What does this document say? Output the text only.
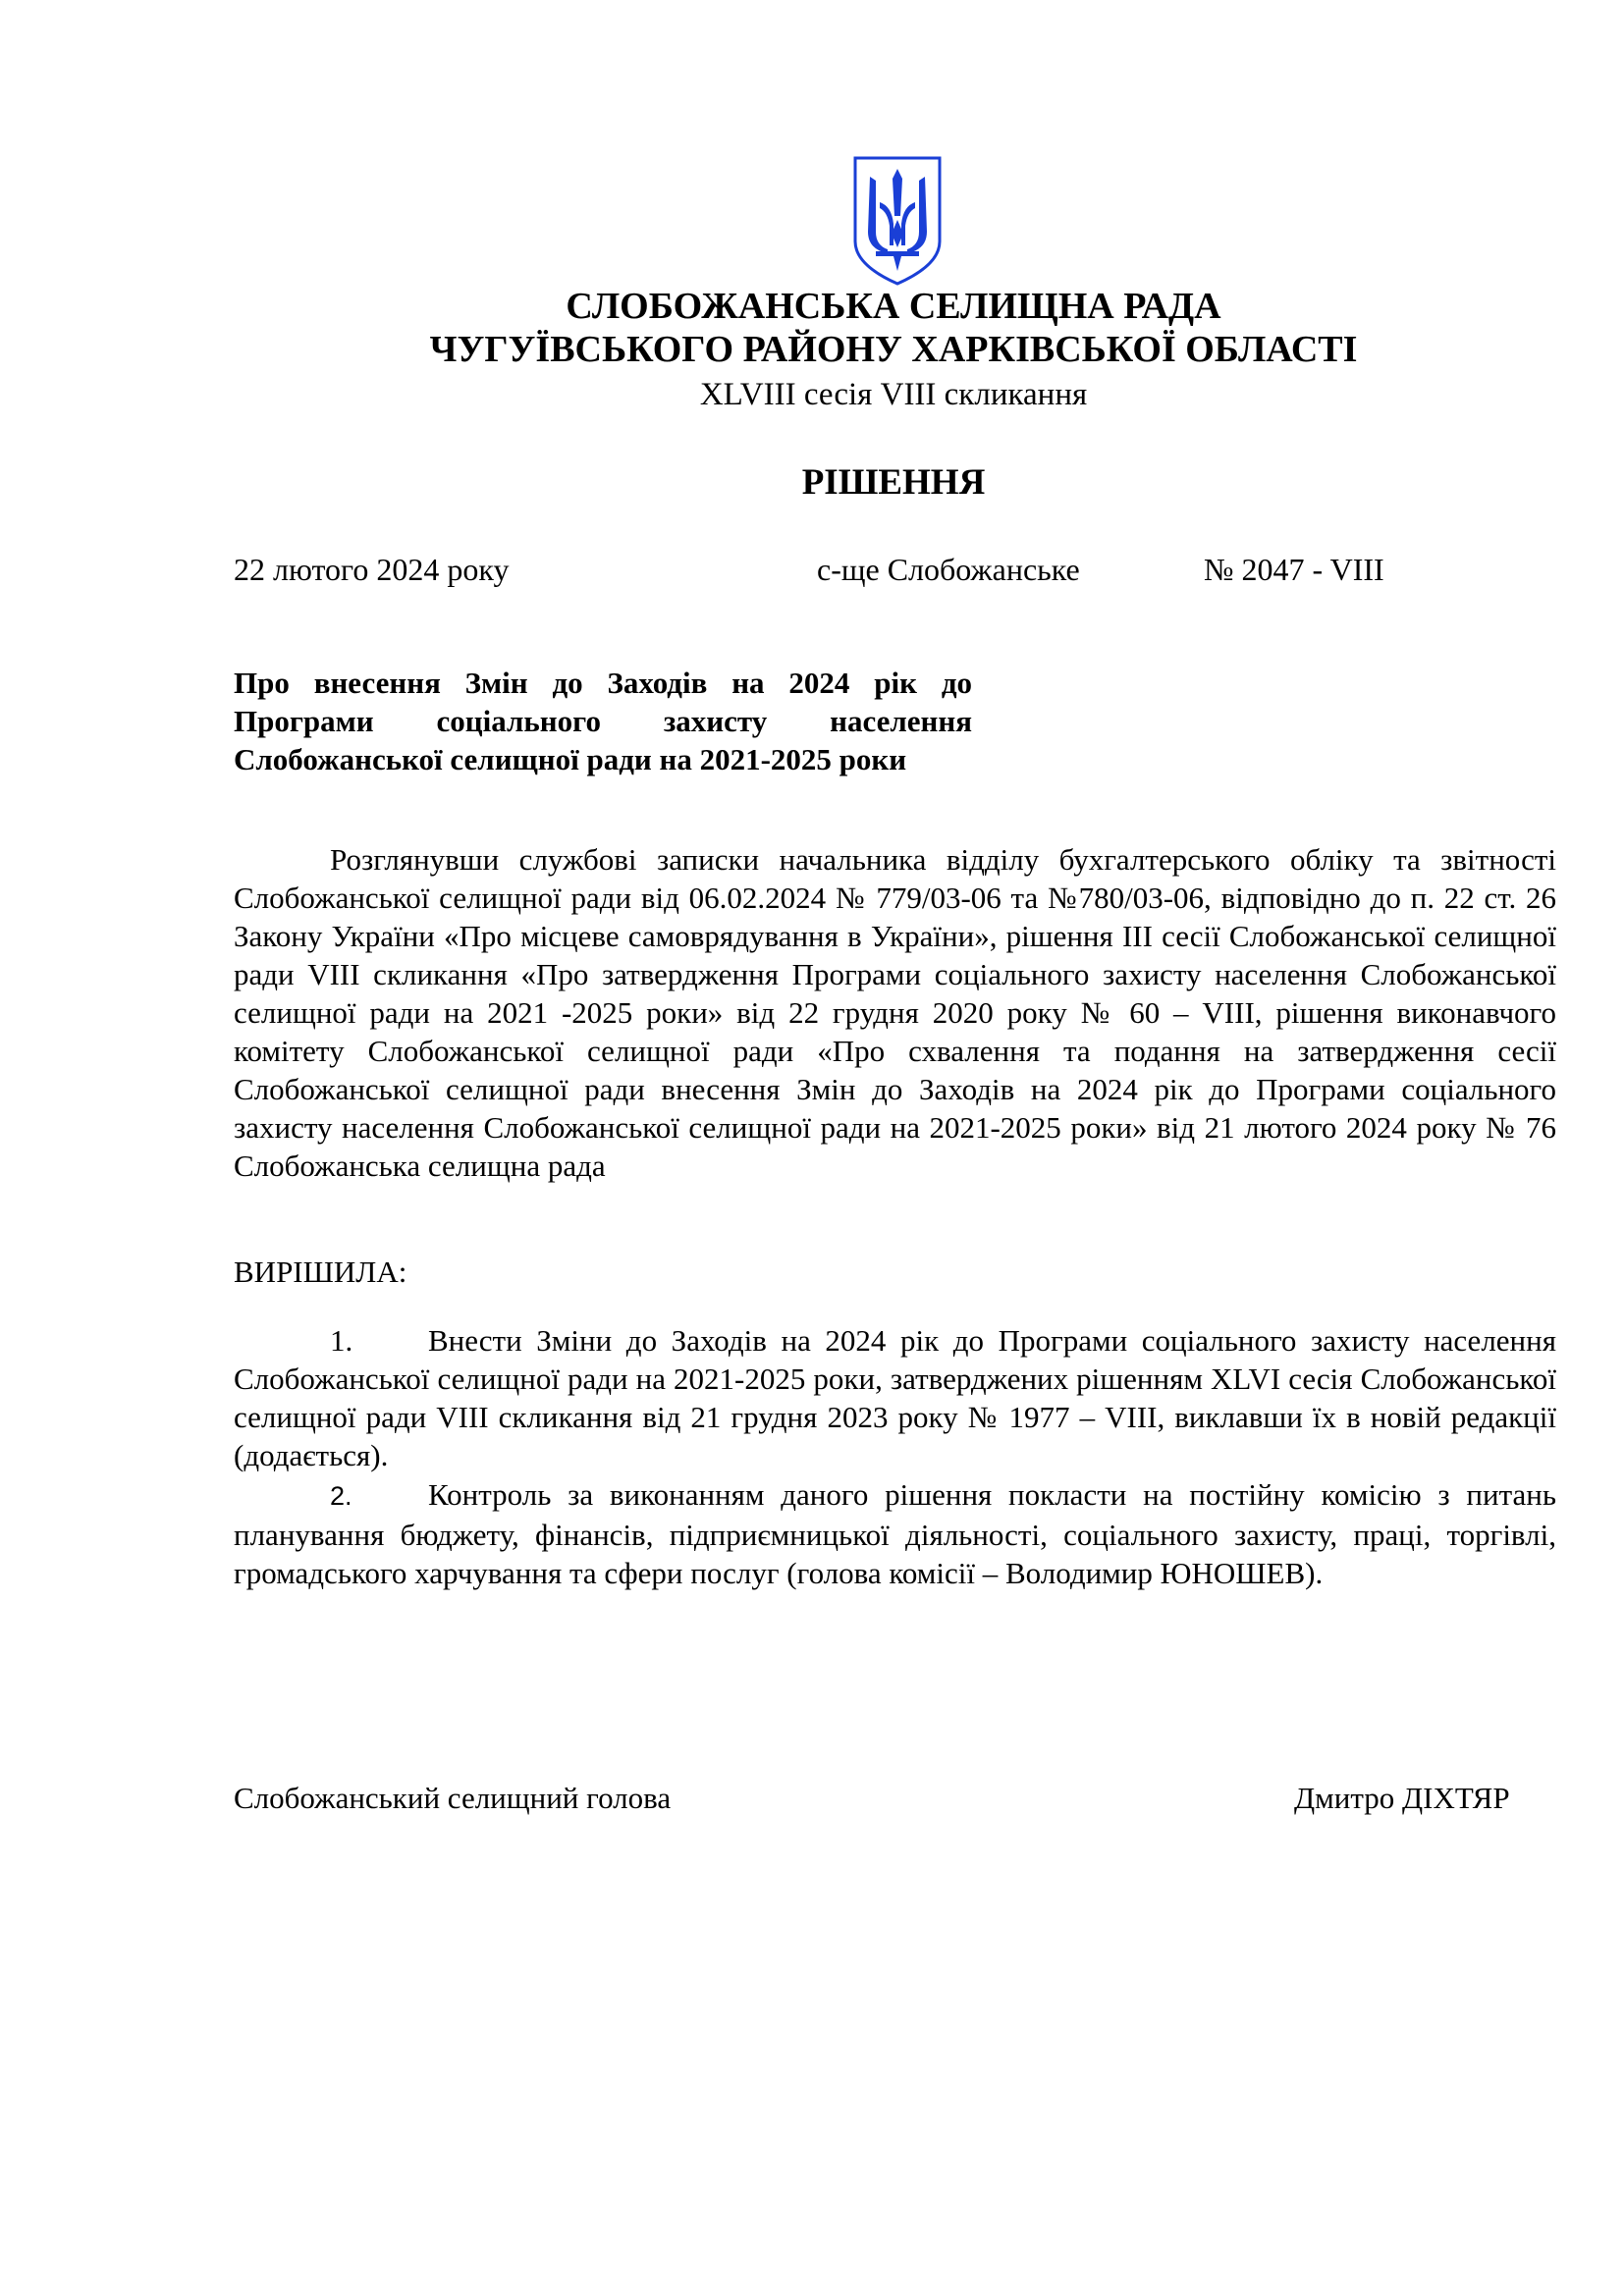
СЛОБОЖАНСЬКА СЕЛИЩНА РАДА
ЧУГУЇВСЬКОГО РАЙОНУ ХАРКІВСЬКОЇ ОБЛАСТІ
XLVIII сесія VIII скликання
РІШЕННЯ
22 лютого 2024 року	с-ще Слобожанське	№ 2047 - VIII
Про внесення Змін до Заходів на 2024 рік до Програми соціального захисту населення Слобожанської селищної ради на 2021-2025 роки

Розглянувши службові записки начальника відділу бухгалтерського обліку та звітності Слобожанської селищної ради від 06.02.2024 № 779/03-06 та №780/03-06, відповідно до п. 22 ст. 26 Закону України «Про місцеве самоврядування в України», рішення ІІІ сесії Слобожанської селищної ради VIII скликання «Про затвердження Програми соціального захисту населення Слобожанської селищної ради на 2021 -2025 роки» від 22 грудня 2020 року № 60 – VIII, рішення виконавчого комітету Слобожанської селищної ради «Про схвалення та подання на затвердження сесії Слобожанської селищної ради внесення Змін до Заходів на 2024 рік до Програми соціального захисту населення Слобожанської селищної ради на 2021-2025 роки» від 21 лютого 2024 року № 76 Слобожанська селищна рада

ВИРІШИЛА:

1. Внести Зміни до Заходів на 2024 рік до Програми соціального захисту населення Слобожанської селищної ради на 2021-2025 роки, затверджених рішенням XLVI сесія Слобожанської селищної ради VIII скликання від 21 грудня 2023 року № 1977 – VIII, виклавши їх в новій редакції (додається).

2. Контроль за виконанням даного рішення покласти на постійну комісію з питань планування бюджету, фінансів, підприємницької діяльності, соціального захисту, праці, торгівлі, громадського харчування та сфери послуг (голова комісії – Володимир ЮНОШЕВ).

Слобожанський селищний голова	Дмитро ДІХТЯР
